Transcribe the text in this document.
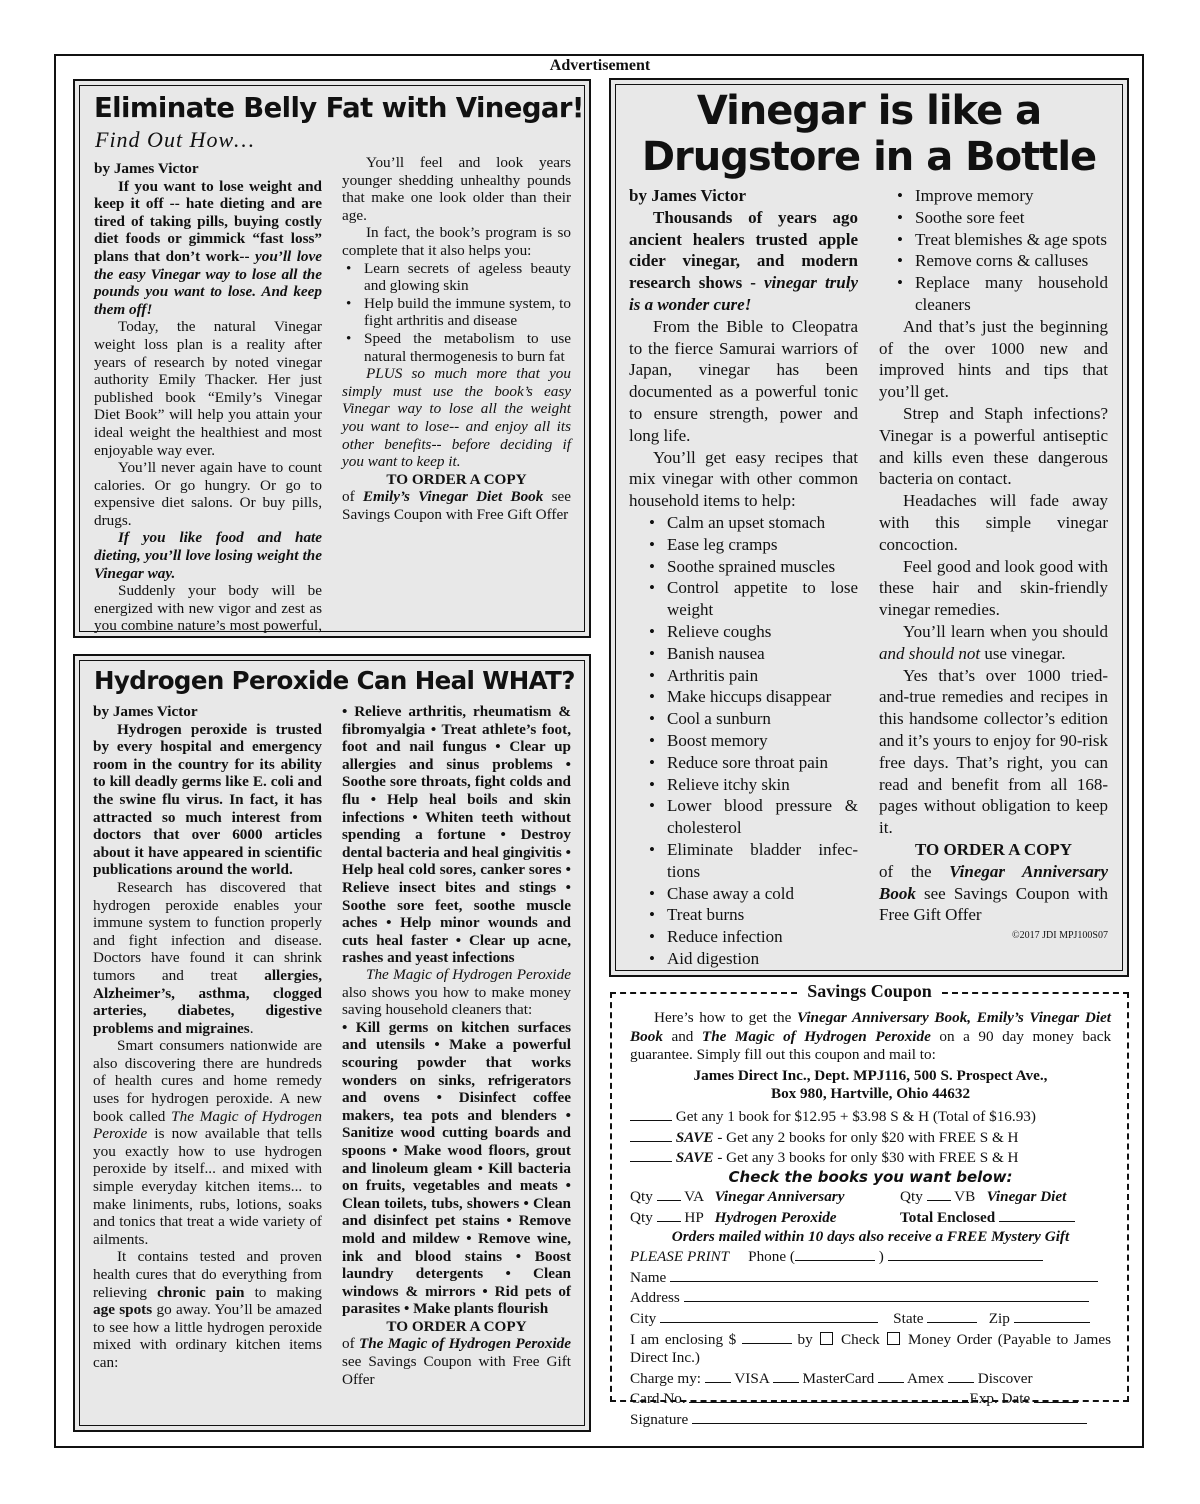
Advertisement
Eliminate Belly Fat with Vinegar!
Find Out How…

by James Victor

If you want to lose weight and keep it off -- hate dieting and are tired of taking pills, buying costly diet foods or gimmick “fast loss” plans that don’t work-- you’ll love the easy Vinegar way to lose all the pounds you want to lose. And keep them off!

Today, the natural Vinegar weight loss plan is a reality after years of research by noted vinegar authority Emily Thacker. Her just published book “Emily’s Vinegar Diet Book” will help you attain your ideal weight the healthiest and most enjoyable way ever.

You’ll never again have to count calories. Or go hungry. Or go to expensive diet salons. Or buy pills, drugs.

If you like food and hate dieting, you’ll love losing weight the Vinegar way.

Suddenly your body will be energized with new vigor and zest as you combine nature’s most powerful,

You’ll feel and look years younger shedding unhealthy pounds that make one look older than their age.

In fact, the book’s program is so complete that it also helps you:

• Learn secrets of ageless beauty and glowing skin
• Help build the immune system, to fight arthritis and disease
• Speed the metabolism to use natural thermogenesis to burn fat

PLUS so much more that you simply must use the book’s easy Vinegar way to lose all the weight you want to lose-- and enjoy all its other benefits-- before deciding if you want to keep it.

TO ORDER A COPY

of Emily’s Vinegar Diet Book see Savings Coupon with Free Gift Offer

Hydrogen Peroxide Can Heal WHAT?

by James Victor

Hydrogen peroxide is trusted by every hospital and emergency room in the country for its ability to kill deadly germs like E. coli and the swine flu virus. In fact, it has attracted so much interest from doctors that over 6000 articles about it have appeared in scientific publications around the world.

Research has discovered that hydrogen peroxide enables your immune system to function properly and fight infection and disease. Doctors have found it can shrink tumors and treat allergies, Alzheimer’s, asthma, clogged arteries, diabetes, digestive problems and migraines.

Smart consumers nationwide are also discovering there are hundreds of health cures and home remedy uses for hydrogen peroxide. A new book called The Magic of Hydrogen Peroxide is now available that tells you exactly how to use hydrogen peroxide by itself... and mixed with simple everyday kitchen items... to make liniments, rubs, lotions, soaks and tonics that treat a wide variety of ailments.

It contains tested and proven health cures that do everything from relieving chronic pain to making age spots go away. You’ll be amazed to see how a little hydrogen peroxide mixed with ordinary kitchen items can:

• Relieve arthritis, rheumatism & fibromyalgia • Treat athlete’s foot, foot and nail fungus • Clear up allergies and sinus problems • Soothe sore throats, fight colds and flu • Help heal boils and skin infections • Whiten teeth without spending a fortune • Destroy dental bacteria and heal gingivitis • Help heal cold sores, canker sores • Relieve insect bites and stings • Soothe sore feet, soothe muscle aches • Help minor wounds and cuts heal faster • Clear up acne, rashes and yeast infections

The Magic of Hydrogen Peroxide also shows you how to make money saving household cleaners that:

• Kill germs on kitchen surfaces and utensils • Make a powerful scouring powder that works wonders on sinks, refrigerators and ovens • Disinfect coffee makers, tea pots and blenders • Sanitize wood cutting boards and spoons • Make wood floors, grout and linoleum gleam • Kill bacteria on fruits, vegetables and meats • Clean toilets, tubs, showers • Clean and disinfect pet stains • Remove mold and mildew • Remove wine, ink and blood stains • Boost laundry detergents • Clean windows & mirrors • Rid pets of parasites • Make plants flourish

TO ORDER A COPY

of The Magic of Hydrogen Peroxide see Savings Coupon with Free Gift Offer

Vinegar is like a
Drugstore in a Bottle

by James Victor

Thousands of years ago ancient healers trusted apple cider vinegar, and modern research shows - vinegar truly is a wonder cure!

From the Bible to Cleopatra to the fierce Samurai warriors of Japan, vinegar has been documented as a powerful tonic to ensure strength, power and long life.

You’ll get easy recipes that mix vinegar with other common household items to help:

• Calm an upset stomach
• Ease leg cramps
• Soothe sprained muscles
• Control appetite to lose weight
• Relieve coughs
• Banish nausea
• Arthritis pain
• Make hiccups disappear
• Cool a sunburn
• Boost memory
• Reduce sore throat pain
• Relieve itchy skin
• Lower blood pressure & cholesterol
• Eliminate bladder infec-tions
• Chase away a cold
• Treat burns
• Reduce infection
• Aid digestion
• Improve memory
• Soothe sore feet
• Treat blemishes & age spots
• Remove corns & calluses
• Replace many household cleaners

And that’s just the beginning of the over 1000 new and improved hints and tips that you’ll get.

Strep and Staph infections? Vinegar is a powerful antiseptic and kills even these dangerous bacteria on contact.

Headaches will fade away with this simple vinegar concoction.

Feel good and look good with these hair and skin-friendly vinegar remedies.

You’ll learn when you should and should not use vinegar.

Yes that’s over 1000 tried-and-true remedies and recipes in this handsome collector’s edition and it’s yours to enjoy for 90-risk free days. That’s right, you can read and benefit from all 168-pages without obligation to keep it.

TO ORDER A COPY

of the Vinegar Anniversary Book see Savings Coupon with Free Gift Offer

©2017 JDI MPJ100S07

Savings Coupon

Here’s how to get the Vinegar Anniversary Book, Emily’s Vinegar Diet Book and The Magic of Hydrogen Peroxide on a 90 day money back guarantee. Simply fill out this coupon and mail to:

James Direct Inc., Dept. MPJ116, 500 S. Prospect Ave.,
Box 980, Hartville, Ohio 44632

Get any 1 book for $12.95 + $3.98 S & H (Total of $16.93)

SAVE - Get any 2 books for only $20 with FREE S & H

SAVE - Get any 3 books for only $30 with FREE S & H

Check the books you want below:

Qty VA Vinegar Anniversary	Qty VB Vinegar Diet
Qty HP Hydrogen Peroxide	Total Enclosed

Orders mailed within 10 days also receive a FREE Mystery Gift

PLEASE PRINT Phone (	)

Name

Address

City	State	Zip

I am enclosing $	by Check Money Order (Payable to James Direct Inc.)

Charge my: VISA MasterCard Amex Discover

Card No.	Exp. Date

Signature
